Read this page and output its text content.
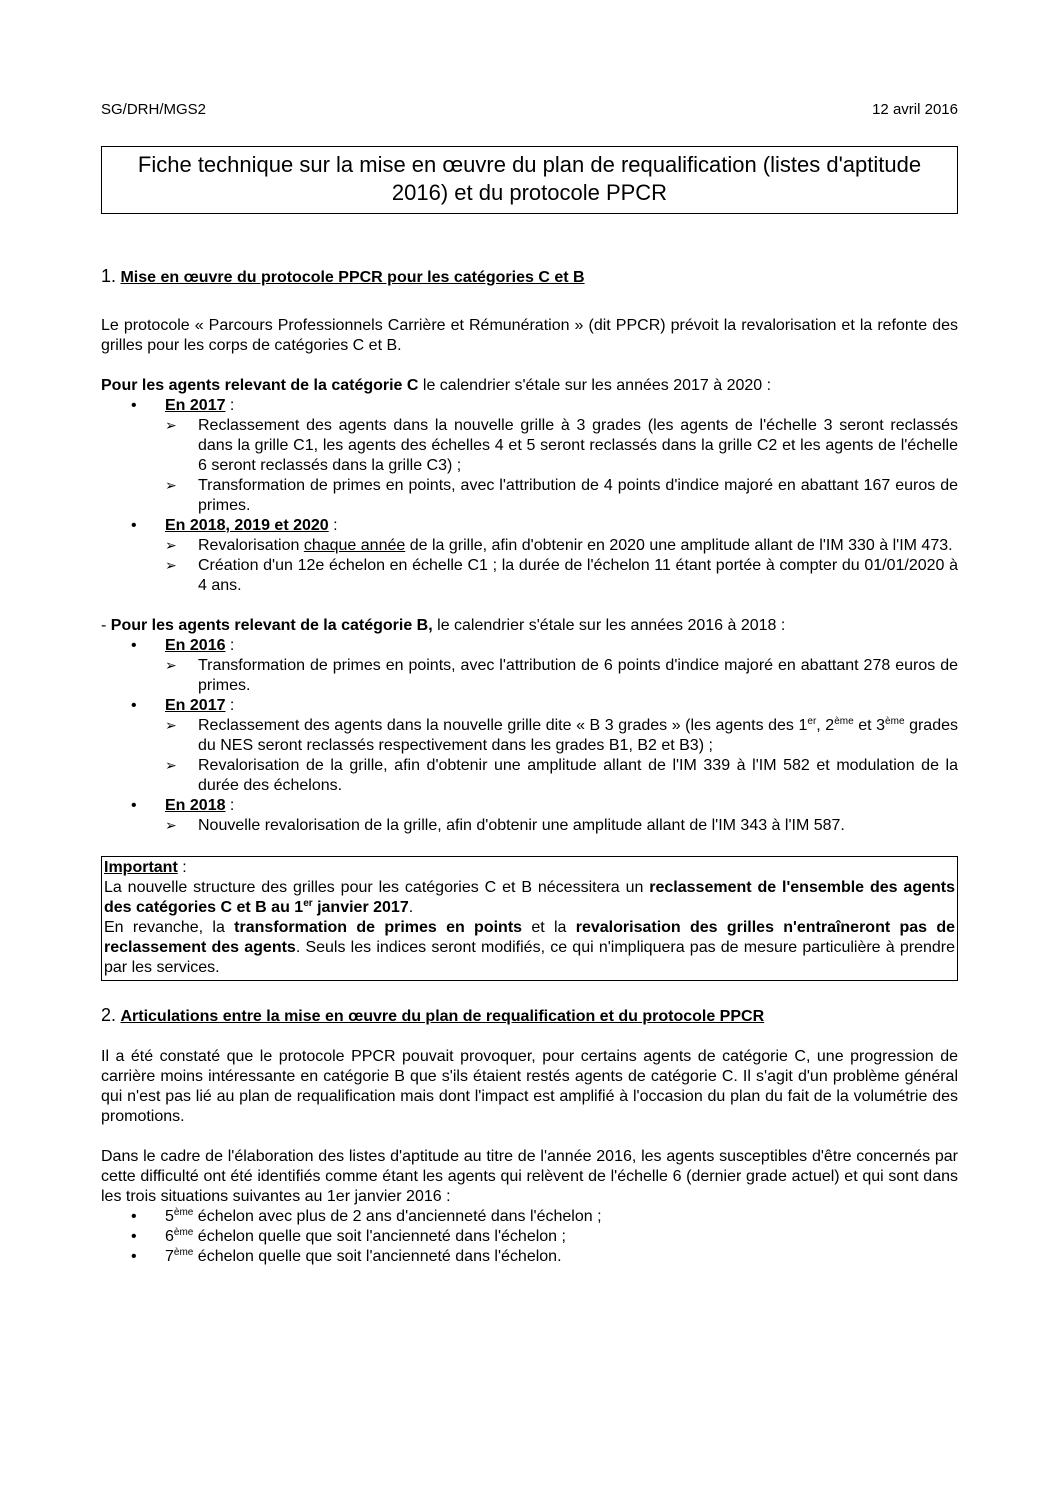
SG/DRH/MGS2	12 avril 2016
Fiche technique sur la mise en œuvre du plan de requalification (listes d'aptitude 2016) et du protocole PPCR
1. Mise en œuvre du protocole PPCR pour les catégories C et B

Le protocole « Parcours Professionnels Carrière et Rémunération » (dit PPCR) prévoit la revalorisation et la refonte des grilles pour les corps de catégories C et B.

Pour les agents relevant de la catégorie C le calendrier s'étale sur les années 2017 à 2020 :

• En 2017 :
➢ Reclassement des agents dans la nouvelle grille à 3 grades (les agents de l'échelle 3 seront reclassés dans la grille C1, les agents des échelles 4 et 5 seront reclassés dans la grille C2 et les agents de l'échelle 6 seront reclassés dans la grille C3) ;
➢ Transformation de primes en points, avec l'attribution de 4 points d'indice majoré en abattant 167 euros de primes.
• En 2018, 2019 et 2020 :
➢ Revalorisation chaque année de la grille, afin d'obtenir en 2020 une amplitude allant de l'IM 330 à l'IM 473.
➢ Création d'un 12e échelon en échelle C1 ; la durée de l'échelon 11 étant portée à compter du 01/01/2020 à 4 ans.

- Pour les agents relevant de la catégorie B, le calendrier s'étale sur les années 2016 à 2018 :

• En 2016 :
➢ Transformation de primes en points, avec l'attribution de 6 points d'indice majoré en abattant 278 euros de primes.
• En 2017 :
➢ Reclassement des agents dans la nouvelle grille dite « B 3 grades » (les agents des 1er, 2ème et 3ème grades du NES seront reclassés respectivement dans les grades B1, B2 et B3) ;
➢ Revalorisation de la grille, afin d'obtenir une amplitude allant de l'IM 339 à l'IM 582 et modulation de la durée des échelons.
• En 2018 :
➢ Nouvelle revalorisation de la grille, afin d'obtenir une amplitude allant de l'IM 343 à l'IM 587.

Important :

La nouvelle structure des grilles pour les catégories C et B nécessitera un reclassement de l'ensemble des agents des catégories C et B au 1er janvier 2017.

En revanche, la transformation de primes en points et la revalorisation des grilles n'entraîneront pas de reclassement des agents. Seuls les indices seront modifiés, ce qui n'impliquera pas de mesure particulière à prendre par les services.

2. Articulations entre la mise en œuvre du plan de requalification et du protocole PPCR

Il a été constaté que le protocole PPCR pouvait provoquer, pour certains agents de catégorie C, une progression de carrière moins intéressante en catégorie B que s'ils étaient restés agents de catégorie C. Il s'agit d'un problème général qui n'est pas lié au plan de requalification mais dont l'impact est amplifié à l'occasion du plan du fait de la volumétrie des promotions.

Dans le cadre de l'élaboration des listes d'aptitude au titre de l'année 2016, les agents susceptibles d'être concernés par cette difficulté ont été identifiés comme étant les agents qui relèvent de l'échelle 6 (dernier grade actuel) et qui sont dans les trois situations suivantes au 1er janvier 2016 :

• 5ème échelon avec plus de 2 ans d'ancienneté dans l'échelon ;
• 6ème échelon quelle que soit l'ancienneté dans l'échelon ;
• 7ème échelon quelle que soit l'ancienneté dans l'échelon.
